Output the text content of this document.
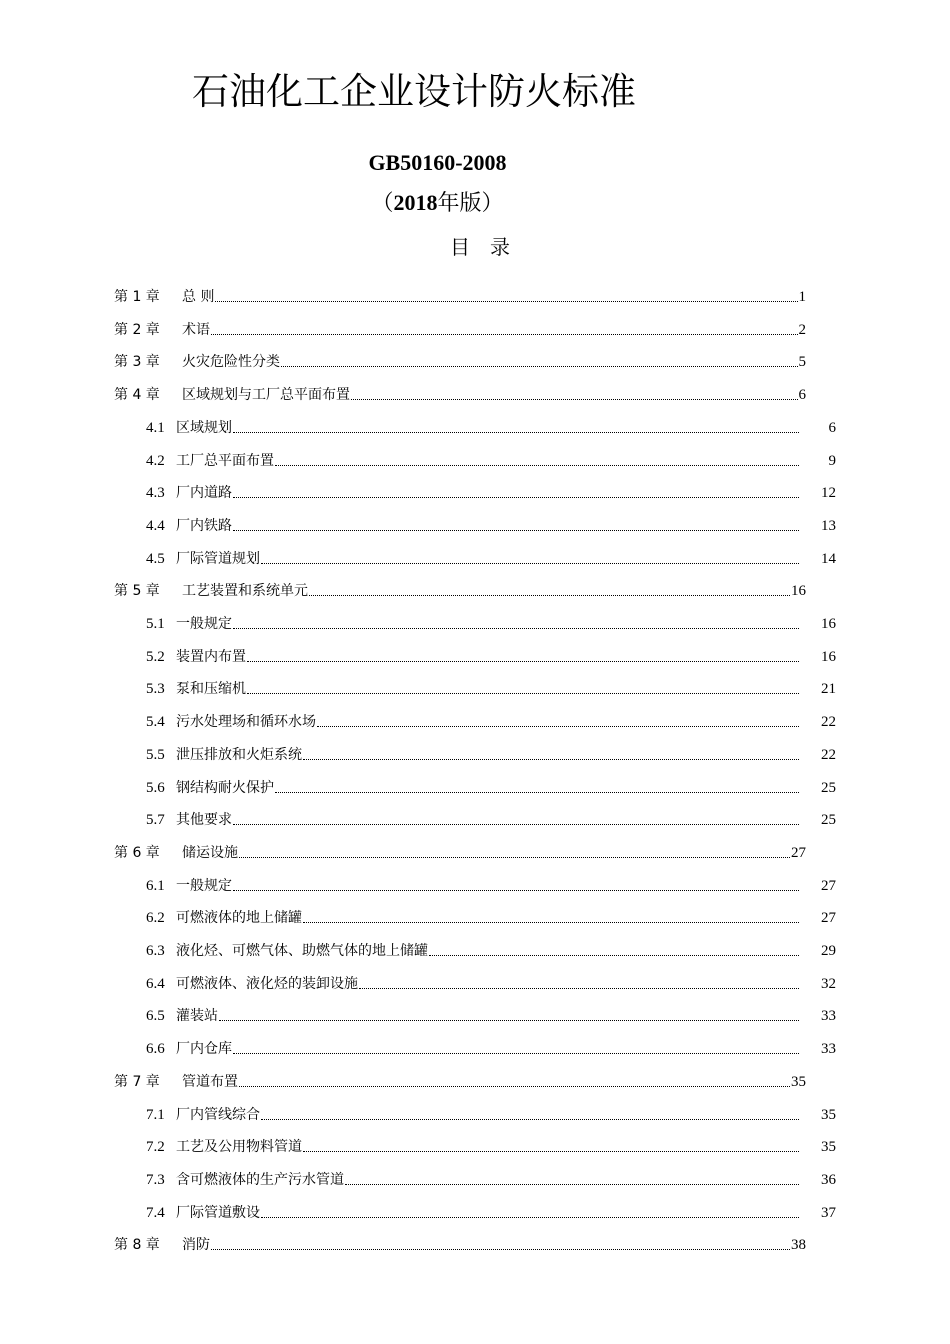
石油化工企业设计防火标准
GB50160-2008
（2018年版）
目录
第 1 章	总 则	1
第 2 章	术语	2
第 3 章	火灾危险性分类	5
第 4 章	区域规划与工厂总平面布置	6
4.1 区域规划	6
4.2 工厂总平面布置	9
4.3 厂内道路	12
4.4 厂内铁路	13
4.5 厂际管道规划	14
第 5 章	工艺装置和系统单元	16
5.1 一般规定	16
5.2 装置内布置	16
5.3 泵和压缩机	21
5.4 污水处理场和循环水场	22
5.5 泄压排放和火炬系统	22
5.6 钢结构耐火保护	25
5.7 其他要求	25
第 6 章	储运设施	27
6.1 一般规定	27
6.2 可燃液体的地上储罐	27
6.3 液化烃、可燃气体、助燃气体的地上储罐	29
6.4 可燃液体、液化烃的装卸设施	32
6.5 灌装站	33
6.6 厂内仓库	33
第 7 章	管道布置	35
7.1 厂内管线综合	35
7.2 工艺及公用物料管道	35
7.3 含可燃液体的生产污水管道	36
7.4 厂际管道敷设	37
第 8 章	消防	38
